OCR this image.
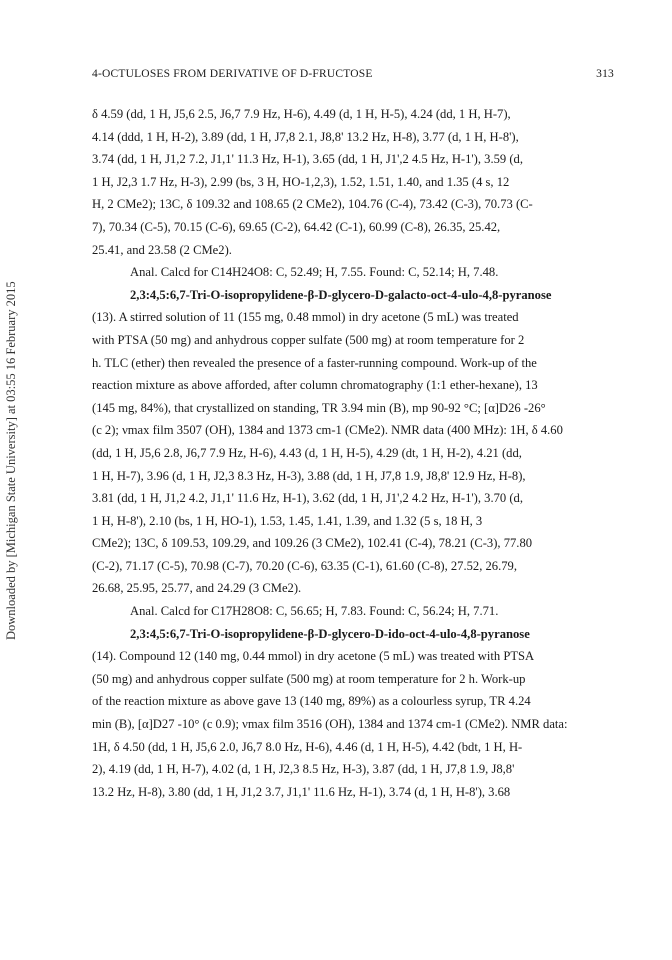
4-OCTULOSES FROM DERIVATIVE OF D-FRUCTOSE	313
Downloaded by [Michigan State University] at 03:55 16 February 2015
δ 4.59 (dd, 1 H, J5,6 2.5, J6,7 7.9 Hz, H-6), 4.49 (d, 1 H, H-5), 4.24 (dd, 1 H, H-7),
4.14 (ddd, 1 H, H-2), 3.89 (dd, 1 H, J7,8 2.1, J8,8' 13.2 Hz, H-8), 3.77 (d, 1 H, H-8'),
3.74 (dd, 1 H, J1,2 7.2, J1,1' 11.3 Hz, H-1), 3.65 (dd, 1 H, J1',2 4.5 Hz, H-1'), 3.59 (d,
1 H, J2,3 1.7 Hz, H-3), 2.99 (bs, 3 H, HO-1,2,3), 1.52, 1.51, 1.40, and 1.35 (4 s, 12
H, 2 CMe2); 13C, δ 109.32 and 108.65 (2 CMe2), 104.76 (C-4), 73.42 (C-3), 70.73 (C-
7), 70.34 (C-5), 70.15 (C-6), 69.65 (C-2), 64.42 (C-1), 60.99 (C-8), 26.35, 25.42,
25.41, and 23.58 (2 CMe2).
Anal. Calcd for C14H24O8: C, 52.49; H, 7.55. Found: C, 52.14; H, 7.48.
2,3:4,5:6,7-Tri-O-isopropylidene-β-D-glycero-D-galacto-oct-4-ulo-4,8-pyranose
(13). A stirred solution of 11 (155 mg, 0.48 mmol) in dry acetone (5 mL) was treated
with PTSA (50 mg) and anhydrous copper sulfate (500 mg) at room temperature for 2
h. TLC (ether) then revealed the presence of a faster-running compound. Work-up of the
reaction mixture as above afforded, after column chromatography (1:1 ether-hexane), 13
(145 mg, 84%), that crystallized on standing, TR 3.94 min (B), mp 90-92 °C; [α]D26 -26°
(c 2); νmax film 3507 (OH), 1384 and 1373 cm-1 (CMe2). NMR data (400 MHz): 1H, δ 4.60
(dd, 1 H, J5,6 2.8, J6,7 7.9 Hz, H-6), 4.43 (d, 1 H, H-5), 4.29 (dt, 1 H, H-2), 4.21 (dd,
1 H, H-7), 3.96 (d, 1 H, J2,3 8.3 Hz, H-3), 3.88 (dd, 1 H, J7,8 1.9, J8,8' 12.9 Hz, H-8),
3.81 (dd, 1 H, J1,2 4.2, J1,1' 11.6 Hz, H-1), 3.62 (dd, 1 H, J1',2 4.2 Hz, H-1'), 3.70 (d,
1 H, H-8'), 2.10 (bs, 1 H, HO-1), 1.53, 1.45, 1.41, 1.39, and 1.32 (5 s, 18 H, 3
CMe2); 13C, δ 109.53, 109.29, and 109.26 (3 CMe2), 102.41 (C-4), 78.21 (C-3), 77.80
(C-2), 71.17 (C-5), 70.98 (C-7), 70.20 (C-6), 63.35 (C-1), 61.60 (C-8), 27.52, 26.79,
26.68, 25.95, 25.77, and 24.29 (3 CMe2).
Anal. Calcd for C17H28O8: C, 56.65; H, 7.83. Found: C, 56.24; H, 7.71.
2,3:4,5:6,7-Tri-O-isopropylidene-β-D-glycero-D-ido-oct-4-ulo-4,8-pyranose
(14). Compound 12 (140 mg, 0.44 mmol) in dry acetone (5 mL) was treated with PTSA
(50 mg) and anhydrous copper sulfate (500 mg) at room temperature for 2 h. Work-up
of the reaction mixture as above gave 13 (140 mg, 89%) as a colourless syrup, TR 4.24
min (B), [α]D27 -10° (c 0.9); νmax film 3516 (OH), 1384 and 1374 cm-1 (CMe2). NMR data:
1H, δ 4.50 (dd, 1 H, J5,6 2.0, J6,7 8.0 Hz, H-6), 4.46 (d, 1 H, H-5), 4.42 (bdt, 1 H, H-
2), 4.19 (dd, 1 H, H-7), 4.02 (d, 1 H, J2,3 8.5 Hz, H-3), 3.87 (dd, 1 H, J7,8 1.9, J8,8'
13.2 Hz, H-8), 3.80 (dd, 1 H, J1,2 3.7, J1,1' 11.6 Hz, H-1), 3.74 (d, 1 H, H-8'), 3.68
